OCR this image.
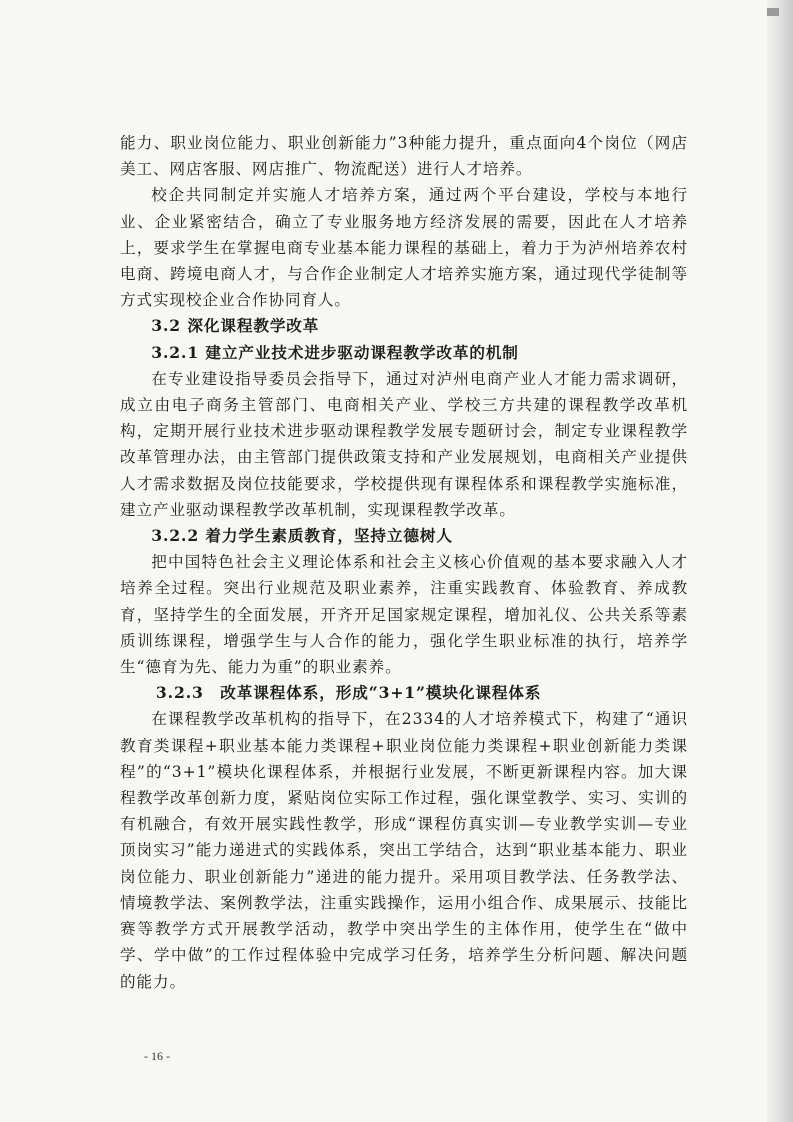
能力、职业岗位能力、职业创新能力”3种能力提升，重点面向4个岗位（网店美工、网店客服、网店推广、物流配送）进行人才培养。

校企共同制定并实施人才培养方案，通过两个平台建设，学校与本地行业、企业紧密结合，确立了专业服务地方经济发展的需要，因此在人才培养上，要求学生在掌握电商专业基本能力课程的基础上，着力于为泸州培养农村电商、跨境电商人才，与合作企业制定人才培养实施方案，通过现代学徒制等方式实现校企业合作协同育人。

3.2 深化课程教学改革

3.2.1 建立产业技术进步驱动课程教学改革的机制

在专业建设指导委员会指导下，通过对泸州电商产业人才能力需求调研，成立由电子商务主管部门、电商相关产业、学校三方共建的课程教学改革机构，定期开展行业技术进步驱动课程教学发展专题研讨会，制定专业课程教学改革管理办法，由主管部门提供政策支持和产业发展规划，电商相关产业提供人才需求数据及岗位技能要求，学校提供现有课程体系和课程教学实施标准，建立产业驱动课程教学改革机制，实现课程教学改革。

3.2.2 着力学生素质教育，坚持立德树人

把中国特色社会主义理论体系和社会主义核心价值观的基本要求融入人才培养全过程。突出行业规范及职业素养，注重实践教育、体验教育、养成教育，坚持学生的全面发展，开齐开足国家规定课程，增加礼仪、公共关系等素质训练课程，增强学生与人合作的能力，强化学生职业标准的执行，培养学生“德育为先、能力为重”的职业素养。

3.2.3　改革课程体系，形成“3+1”模块化课程体系

在课程教学改革机构的指导下，在2334的人才培养模式下，构建了“通识教育类课程+职业基本能力类课程+职业岗位能力类课程+职业创新能力类课程”的“3+1”模块化课程体系，并根据行业发展，不断更新课程内容。加大课程教学改革创新力度，紧贴岗位实际工作过程，强化课堂教学、实习、实训的有机融合，有效开展实践性教学，形成“课程仿真实训—专业教学实训—专业顶岗实习”能力递进式的实践体系，突出工学结合，达到“职业基本能力、职业岗位能力、职业创新能力”递进的能力提升。采用项目教学法、任务教学法、情境教学法、案例教学法，注重实践操作，运用小组合作、成果展示、技能比赛等教学方式开展教学活动，教学中突出学生的主体作用，使学生在“做中学、学中做”的工作过程体验中完成学习任务，培养学生分析问题、解决问题的能力。

- 16 -
